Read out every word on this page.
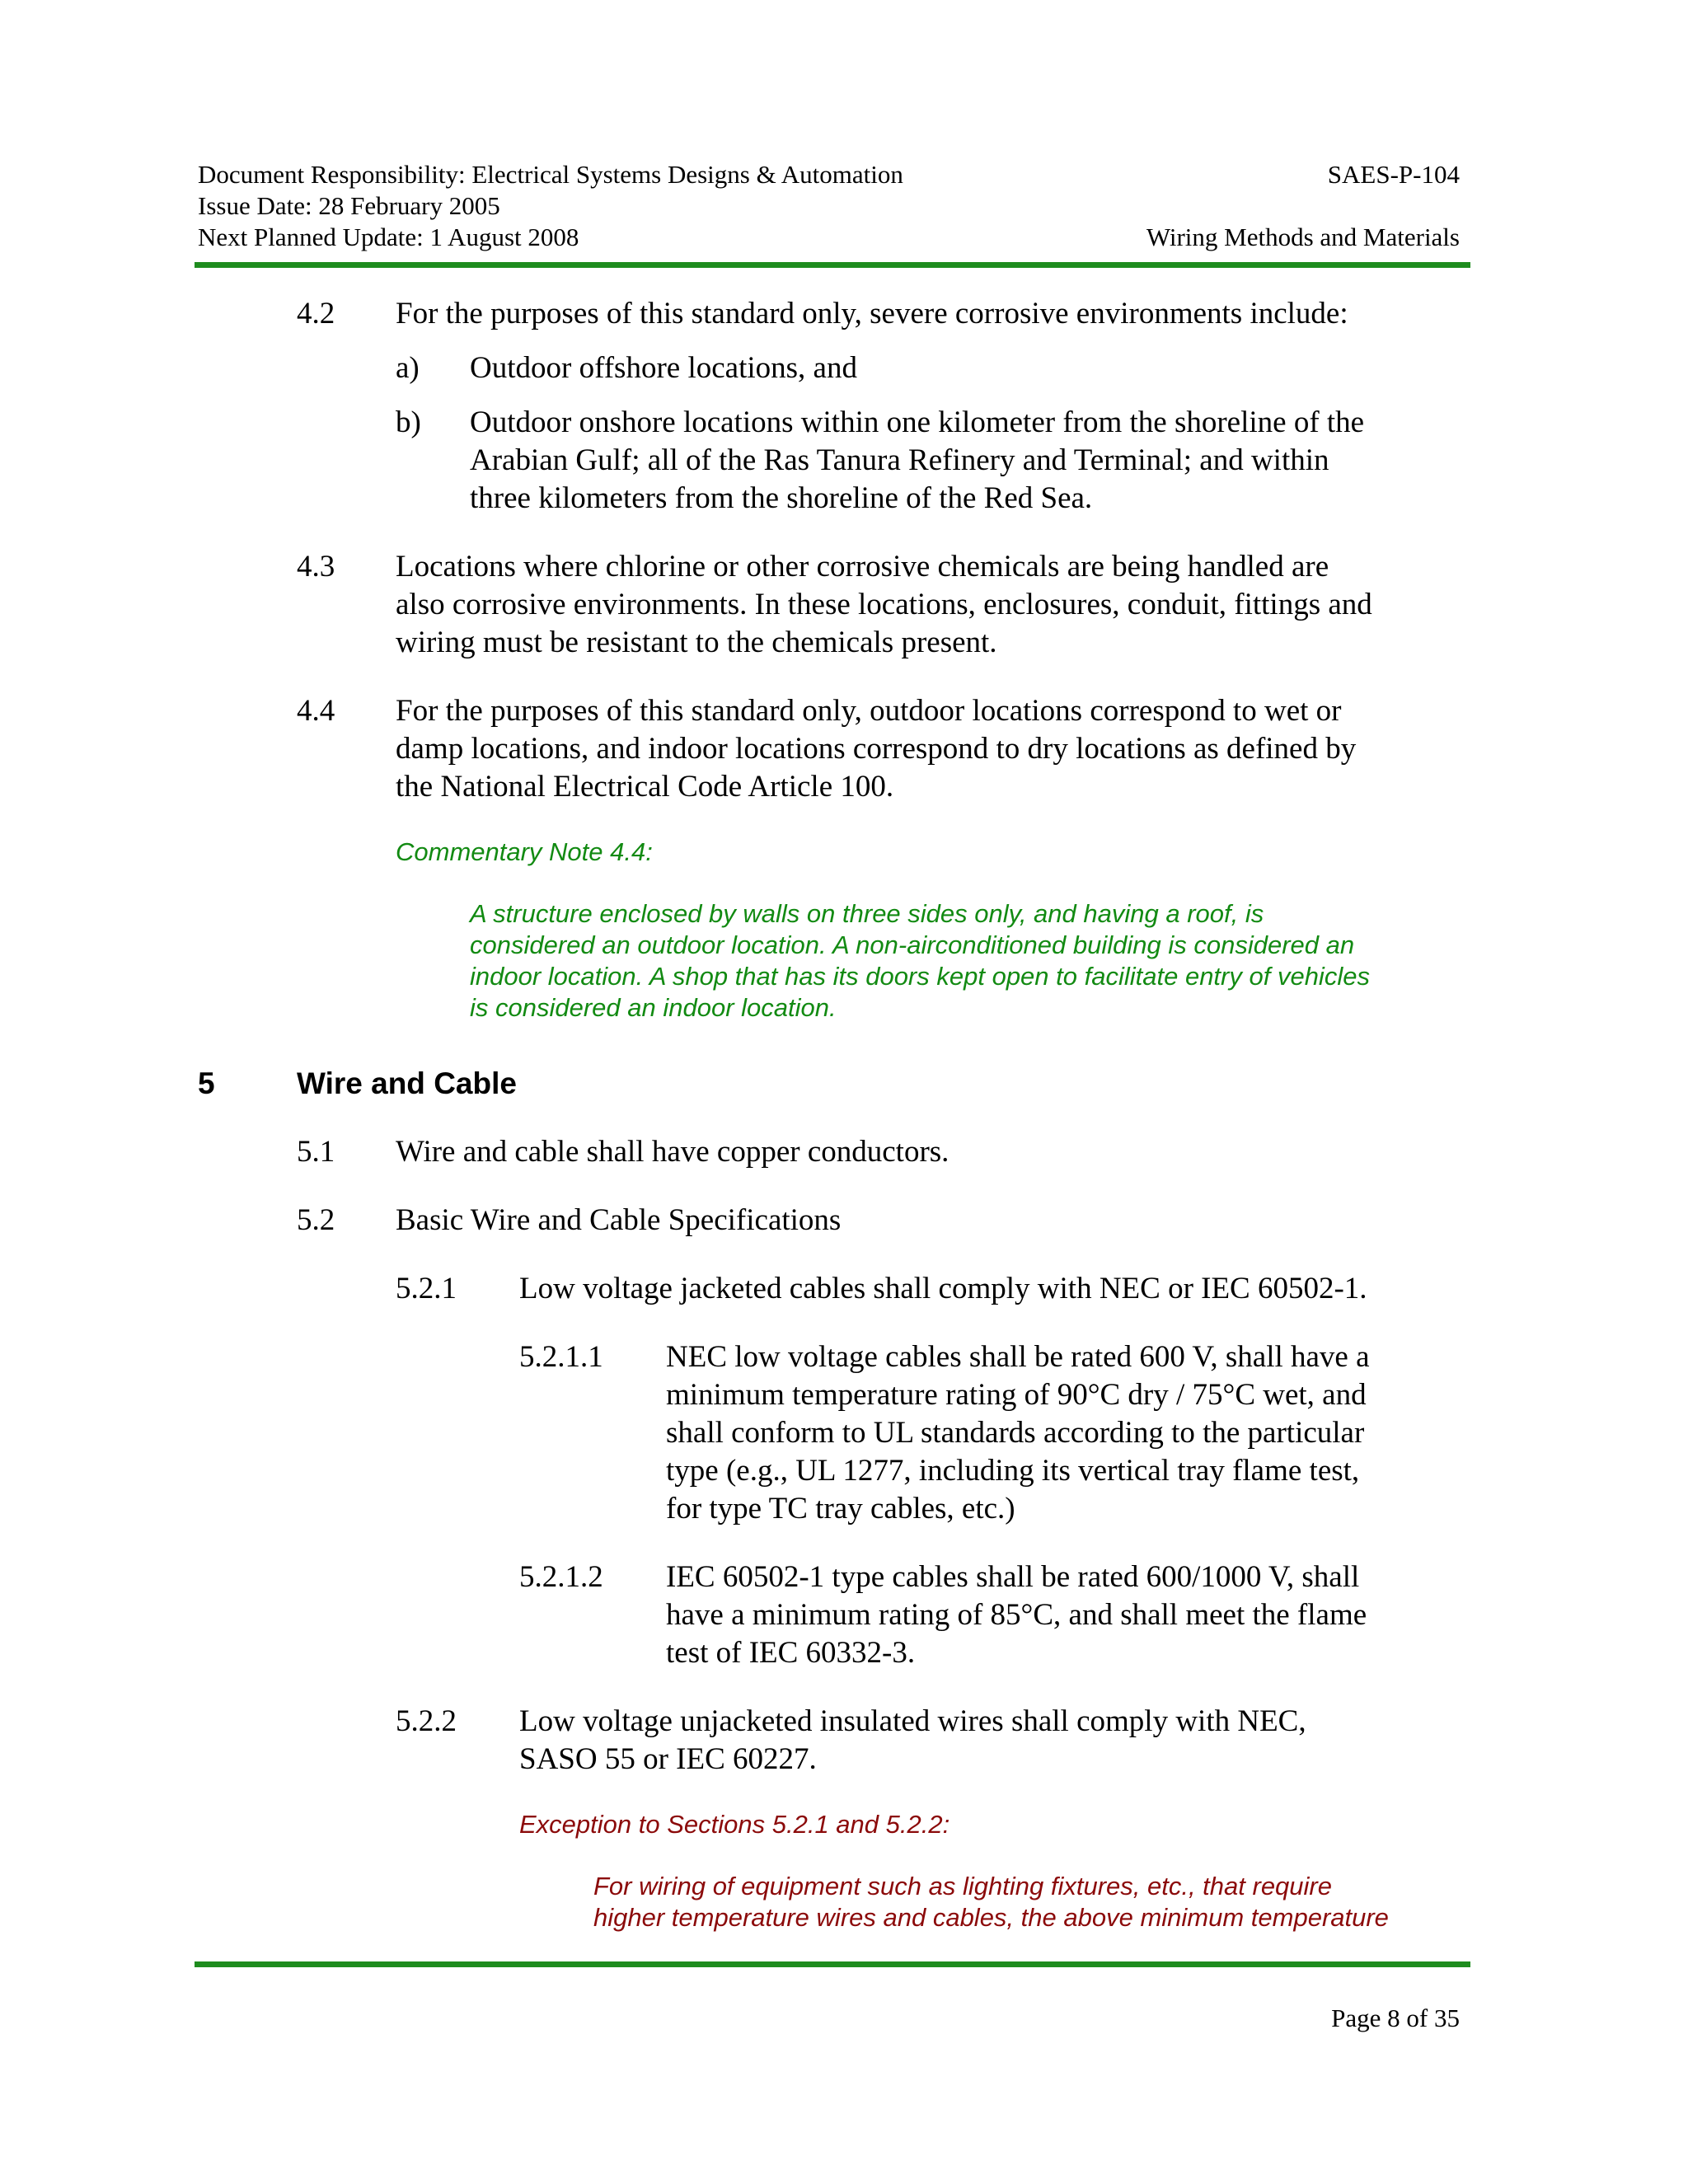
Document Responsibility: Electrical Systems Designs & Automation	SAES-P-104
Issue Date: 28 February 2005
Next Planned Update: 1 August 2008	Wiring Methods and Materials
4.2 For the purposes of this standard only, severe corrosive environments include:
a) Outdoor offshore locations, and
b) Outdoor onshore locations within one kilometer from the shoreline of the
Arabian Gulf; all of the Ras Tanura Refinery and Terminal; and within
three kilometers from the shoreline of the Red Sea.
4.3 Locations where chlorine or other corrosive chemicals are being handled are
also corrosive environments. In these locations, enclosures, conduit, fittings and
wiring must be resistant to the chemicals present.
4.4 For the purposes of this standard only, outdoor locations correspond to wet or
damp locations, and indoor locations correspond to dry locations as defined by
the National Electrical Code Article 100.
Commentary Note 4.4:
A structure enclosed by walls on three sides only, and having a roof, is
considered an outdoor location. A non-airconditioned building is considered an
indoor location. A shop that has its doors kept open to facilitate entry of vehicles
is considered an indoor location.
5	Wire and Cable
5.1 Wire and cable shall have copper conductors.
5.2 Basic Wire and Cable Specifications
5.2.1 Low voltage jacketed cables shall comply with NEC or IEC 60502-1.
5.2.1.1 NEC low voltage cables shall be rated 600 V, shall have a
minimum temperature rating of 90°C dry / 75°C wet, and
shall conform to UL standards according to the particular
type (e.g., UL 1277, including its vertical tray flame test,
for type TC tray cables, etc.)
5.2.1.2 IEC 60502-1 type cables shall be rated 600/1000 V, shall
have a minimum rating of 85°C, and shall meet the flame
test of IEC 60332-3.
5.2.2 Low voltage unjacketed insulated wires shall comply with NEC,
SASO 55 or IEC 60227.
Exception to Sections 5.2.1 and 5.2.2:
For wiring of equipment such as lighting fixtures, etc., that require
higher temperature wires and cables, the above minimum temperature
Page 8 of 35
